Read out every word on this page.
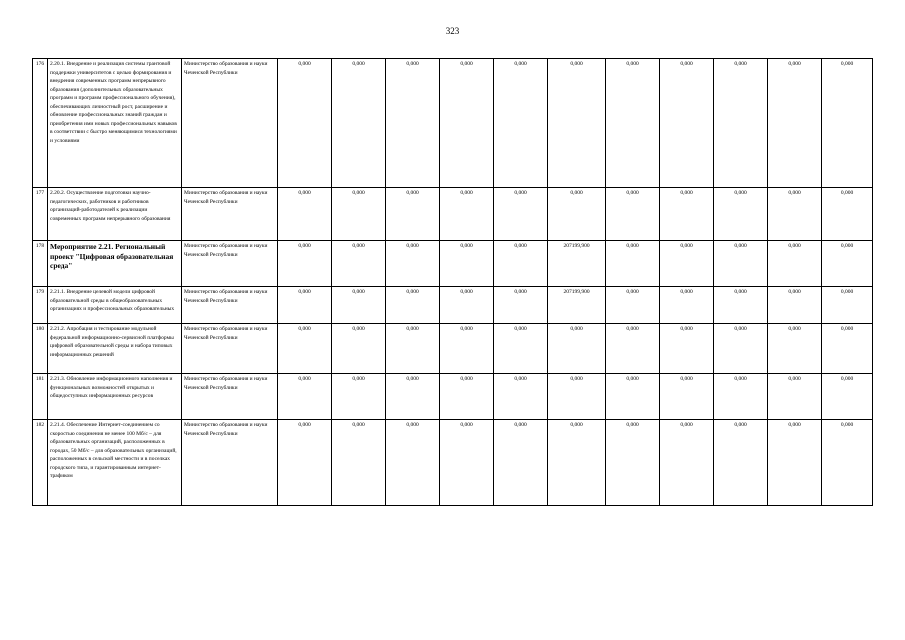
323
176	2.20.1. Внедрение и реализация системы грантовой поддержки университетов с целью формирования и внедрения современных программ непрерывного образования (дополнительных образовательных программ и программ профессионального обучения), обеспечивающих личностный рост, расширение и обновление профессиональных знаний граждан и приобретения ими новых профессиональных навыков в соответствии с быстро меняющимися технологиями и условиями	Министерство образования и науки Чеченской Республики	0,000	0,000	0,000	0,000	0,000	0,000	0,000	0,000	0,000	0,000	0,000
177	2.20.2. Осуществление подготовки научно-педагогических, работников и работников организаций-работодателей к реализации современных программ непрерывного образования	Министерство образования и науки Чеченской Республики	0,000	0,000	0,000	0,000	0,000	0,000	0,000	0,000	0,000	0,000	0,000
178	Мероприятие 2.21. Региональный проект "Цифровая образовательная среда"	Министерство образования и науки Чеченской Республики	0,000	0,000	0,000	0,000	0,000	207199,900	0,000	0,000	0,000	0,000	0,000
179	2.21.1. Внедрение целевой модели цифровой образовательной среды в общеобразовательных организациях и профессиональных образовательных	Министерство образования и науки Чеченской Республики	0,000	0,000	0,000	0,000	0,000	207199,900	0,000	0,000	0,000	0,000	0,000
180	2.21.2. Апробация и тестирование модульной федеральной информационно-сервисной платформы цифровой образовательной среды и набора типовых информационных решений	Министерство образования и науки Чеченской Республики	0,000	0,000	0,000	0,000	0,000	0,000	0,000	0,000	0,000	0,000	0,000
181	2.21.3. Обновление информационного наполнения и функциональных возможностей открытых и общедоступных информационных ресурсов	Министерство образования и науки Чеченской Республики	0,000	0,000	0,000	0,000	0,000	0,000	0,000	0,000	0,000	0,000	0,000
182	2.21.4. Обеспечение Интернет-соединением со скоростью соединения не менее 100 Мб/c – для образовательных организаций, расположенных в городах, 50 Мб/c – для образовательных организаций, расположенных в сельской местности и в поселках городского типа, и гарантированным интернет-трафиком	Министерство образования и науки Чеченской Республики	0,000	0,000	0,000	0,000	0,000	0,000	0,000	0,000	0,000	0,000	0,000
